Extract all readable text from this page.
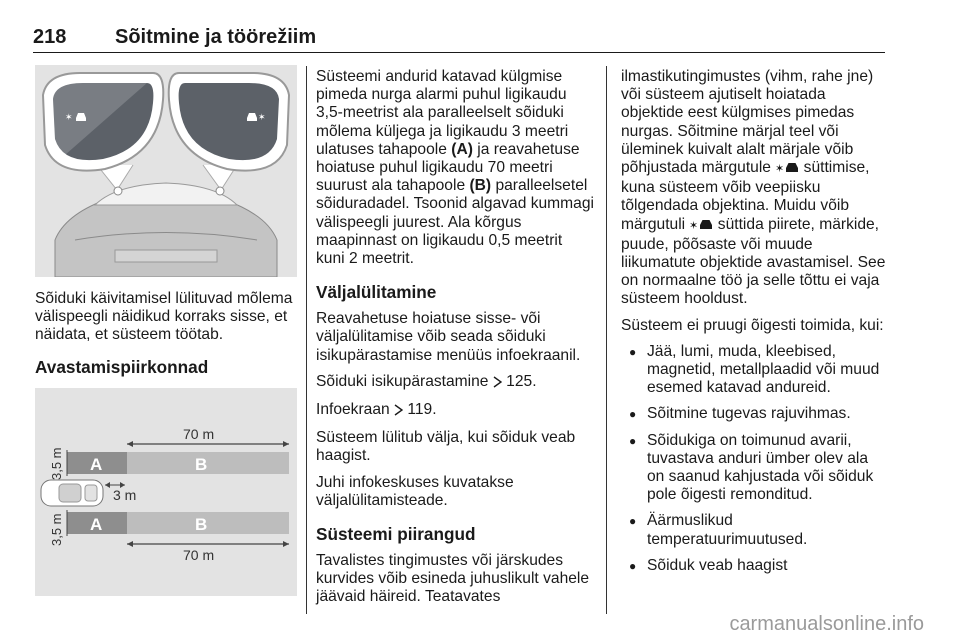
218 Sõitmine ja töörežiim
✶	✶

Sõiduki käivitamisel lülituvad mõlema välispeegli näidikud korraks sisse, et näidata, et süsteem töötab.

Avastamispiirkonnad
70 m
A	B
3,5 m
3 m
A	B
3,5 m
70 m

Süsteemi andurid katavad külgmise pimeda nurga alarmi puhul ligikaudu 3,5-meetrist ala paralleelselt sõiduki mõlema küljega ja ligikaudu 3 meetri ulatuses tahapoole (A) ja reavahetuse hoiatuse puhul ligikaudu 70 meetri suurust ala tahapoole (B) paralleelsetel sõiduradadel. Tsoonid algavad kummagi välispeegli juurest. Ala kõrgus maapinnast on ligikaudu 0,5 meetrit kuni 2 meetrit.

Väljalülitamine

Reavahetuse hoiatuse sisse- või väljalülitamise võib seada sõiduki isikupärastamise menüüs infoekraanil.

Sõiduki isikupärastamine  125.

Infoekraan  119.

Süsteem lülitub välja, kui sõiduk veab haagist.

Juhi infokeskuses kuvatakse väljalülitamisteade.

Süsteemi piirangud

Tavalistes tingimustes või järskudes kurvides võib esineda juhuslikult vahele jäävaid häireid. Teatavates

ilmastikutingimustes (vihm, rahe jne) või süsteem ajutiselt hoiatada objektide eest külgmises pimedas nurgas. Sõitmine märjal teel või üleminek kuivalt alalt märjale võib põhjustada märgutule ✶ süttimise, kuna süsteem võib veepiisku tõlgendada objektina. Muidu võib märgutuli ✶ süttida piirete, märkide, puude, põõsaste või muude liikumatute objektide avastamisel. See on normaalne töö ja selle tõttu ei vaja süsteem hooldust.

Süsteem ei pruugi õigesti toimida, kui:

● Jää, lumi, muda, kleebised, magnetid, metallplaadid või muud esemed katavad andureid.
● Sõitmine tugevas rajuvihmas.
● Sõidukiga on toimunud avarii, tuvastava anduri ümber olev ala on saanud kahjustada või sõiduk pole õigesti remonditud.
● Äärmuslikud temperatuurimuutused.
● Sõiduk veab haagist
carmanualsonline.info
